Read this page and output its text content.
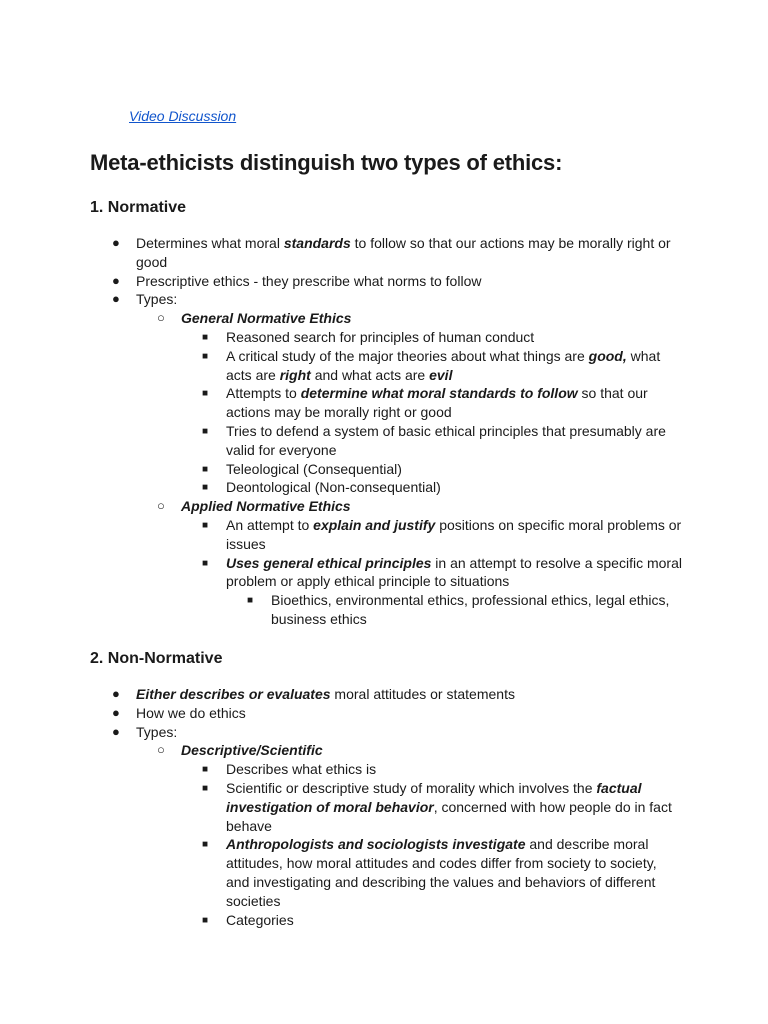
Video Discussion
Meta-ethicists distinguish two types of ethics:
1. Normative
● Determines what moral standards to follow so that our actions may be morally right or good
● Prescriptive ethics - they prescribe what norms to follow
● Types:
○ General Normative Ethics
■ Reasoned search for principles of human conduct
■ A critical study of the major theories about what things are good, what acts are right and what acts are evil
■ Attempts to determine what moral standards to follow so that our actions may be morally right or good
■ Tries to defend a system of basic ethical principles that presumably are valid for everyone
■ Teleological (Consequential)
■ Deontological (Non-consequential)
○ Applied Normative Ethics
■ An attempt to explain and justify positions on specific moral problems or issues
■ Uses general ethical principles in an attempt to resolve a specific moral problem or apply ethical principle to situations
■ Bioethics, environmental ethics, professional ethics, legal ethics, business ethics
2. Non-Normative
● Either describes or evaluates moral attitudes or statements
● How we do ethics
● Types:
○ Descriptive/Scientific
■ Describes what ethics is
■ Scientific or descriptive study of morality which involves the factual investigation of moral behavior, concerned with how people do in fact behave
■ Anthropologists and sociologists investigate and describe moral attitudes, how moral attitudes and codes differ from society to society, and investigating and describing the values and behaviors of different societies
■ Categories
